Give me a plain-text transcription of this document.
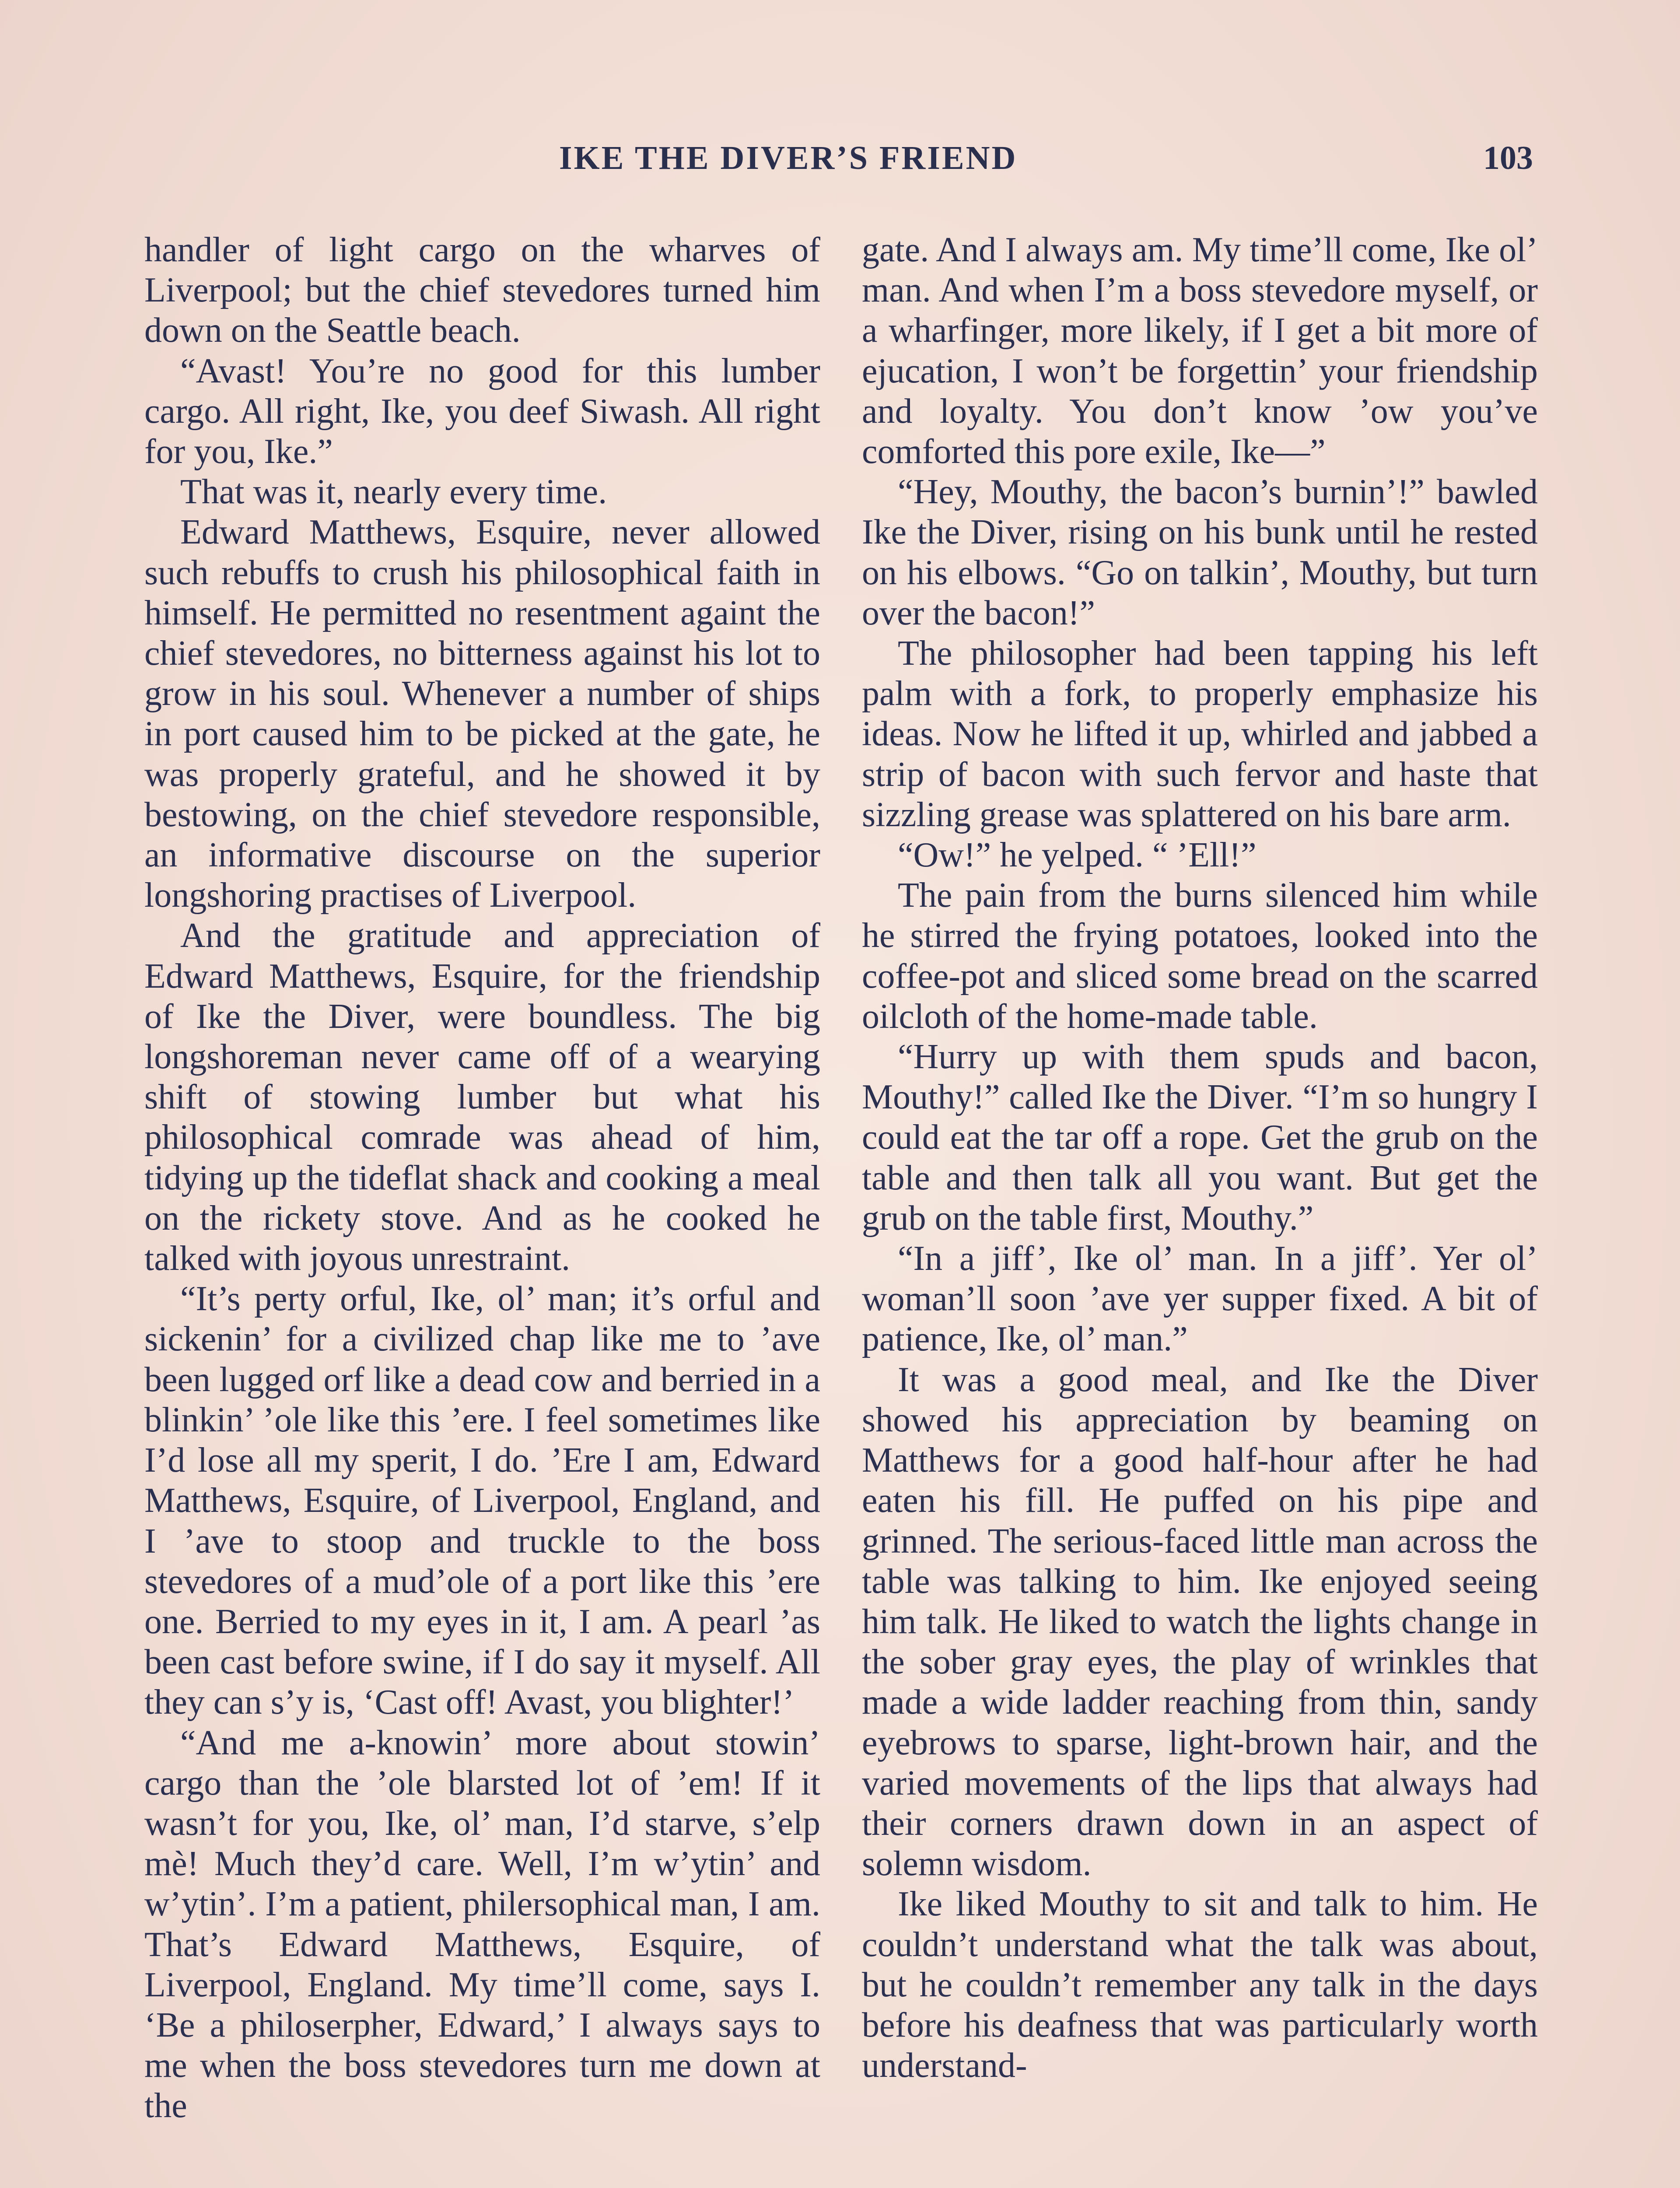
IKE THE DIVER’S FRIEND	103

handler of light cargo on the wharves of Liverpool; but the chief stevedores turned him down on the Seattle beach.

“Avast! You’re no good for this lumber cargo. All right, Ike, you deef Siwash. All right for you, Ike.”

That was it, nearly every time.

Edward Matthews, Esquire, never allowed such rebuffs to crush his philosophical faith in himself. He permitted no resentment againt the chief stevedores, no bitterness against his lot to grow in his soul. Whenever a number of ships in port caused him to be picked at the gate, he was properly grateful, and he showed it by bestowing, on the chief stevedore responsible, an informative discourse on the superior longshoring practises of Liverpool.

And the gratitude and appreciation of Edward Matthews, Esquire, for the friendship of Ike the Diver, were boundless. The big longshoreman never came off of a wearying shift of stowing lumber but what his philosophical comrade was ahead of him, tidying up the tideflat shack and cooking a meal on the rickety stove. And as he cooked he talked with joyous unrestraint.

“It’s perty orful, Ike, ol’ man; it’s orful and sickenin’ for a civilized chap like me to ’ave been lugged orf like a dead cow and berried in a blinkin’ ’ole like this ’ere. I feel sometimes like I’d lose all my sperit, I do. ’Ere I am, Edward Matthews, Esquire, of Liverpool, England, and I ’ave to stoop and truckle to the boss stevedores of a mud’ole of a port like this ’ere one. Berried to my eyes in it, I am. A pearl ’as been cast before swine, if I do say it myself. All they can s’y is, ‘Cast off! Avast, you blighter!’

“And me a-knowin’ more about stowin’ cargo than the ’ole blarsted lot of ’em! If it wasn’t for you, Ike, ol’ man, I’d starve, s’elp mè! Much they’d care. Well, I’m w’ytin’ and w’ytin’. I’m a patient, philersophical man, I am. That’s Edward Matthews, Esquire, of Liverpool, England. My time’ll come, says I. ‘Be a philoserpher, Edward,’ I always says to me when the boss stevedores turn me down at the

gate. And I always am. My time’ll come, Ike ol’ man. And when I’m a boss stevedore myself, or a wharfinger, more likely, if I get a bit more of ejucation, I won’t be forgettin’ your friendship and loyalty. You don’t know ’ow you’ve comforted this pore exile, Ike—”

“Hey, Mouthy, the bacon’s burnin’!” bawled Ike the Diver, rising on his bunk until he rested on his elbows. “Go on talkin’, Mouthy, but turn over the bacon!”

The philosopher had been tapping his left palm with a fork, to properly emphasize his ideas. Now he lifted it up, whirled and jabbed a strip of bacon with such fervor and haste that sizzling grease was splattered on his bare arm.

“Ow!” he yelped. “ ’Ell!”

The pain from the burns silenced him while he stirred the frying potatoes, looked into the coffee-pot and sliced some bread on the scarred oilcloth of the home-made table.

“Hurry up with them spuds and bacon, Mouthy!” called Ike the Diver. “I’m so hungry I could eat the tar off a rope. Get the grub on the table and then talk all you want. But get the grub on the table first, Mouthy.”

“In a jiff’, Ike ol’ man. In a jiff’. Yer ol’ woman’ll soon ’ave yer supper fixed. A bit of patience, Ike, ol’ man.”

It was a good meal, and Ike the Diver showed his appreciation by beaming on Matthews for a good half-hour after he had eaten his fill. He puffed on his pipe and grinned. The serious-faced little man across the table was talking to him. Ike enjoyed seeing him talk. He liked to watch the lights change in the sober gray eyes, the play of wrinkles that made a wide ladder reaching from thin, sandy eyebrows to sparse, light-brown hair, and the varied movements of the lips that always had their corners drawn down in an aspect of solemn wisdom.

Ike liked Mouthy to sit and talk to him. He couldn’t understand what the talk was about, but he couldn’t remember any talk in the days before his deafness that was particularly worth understand-
